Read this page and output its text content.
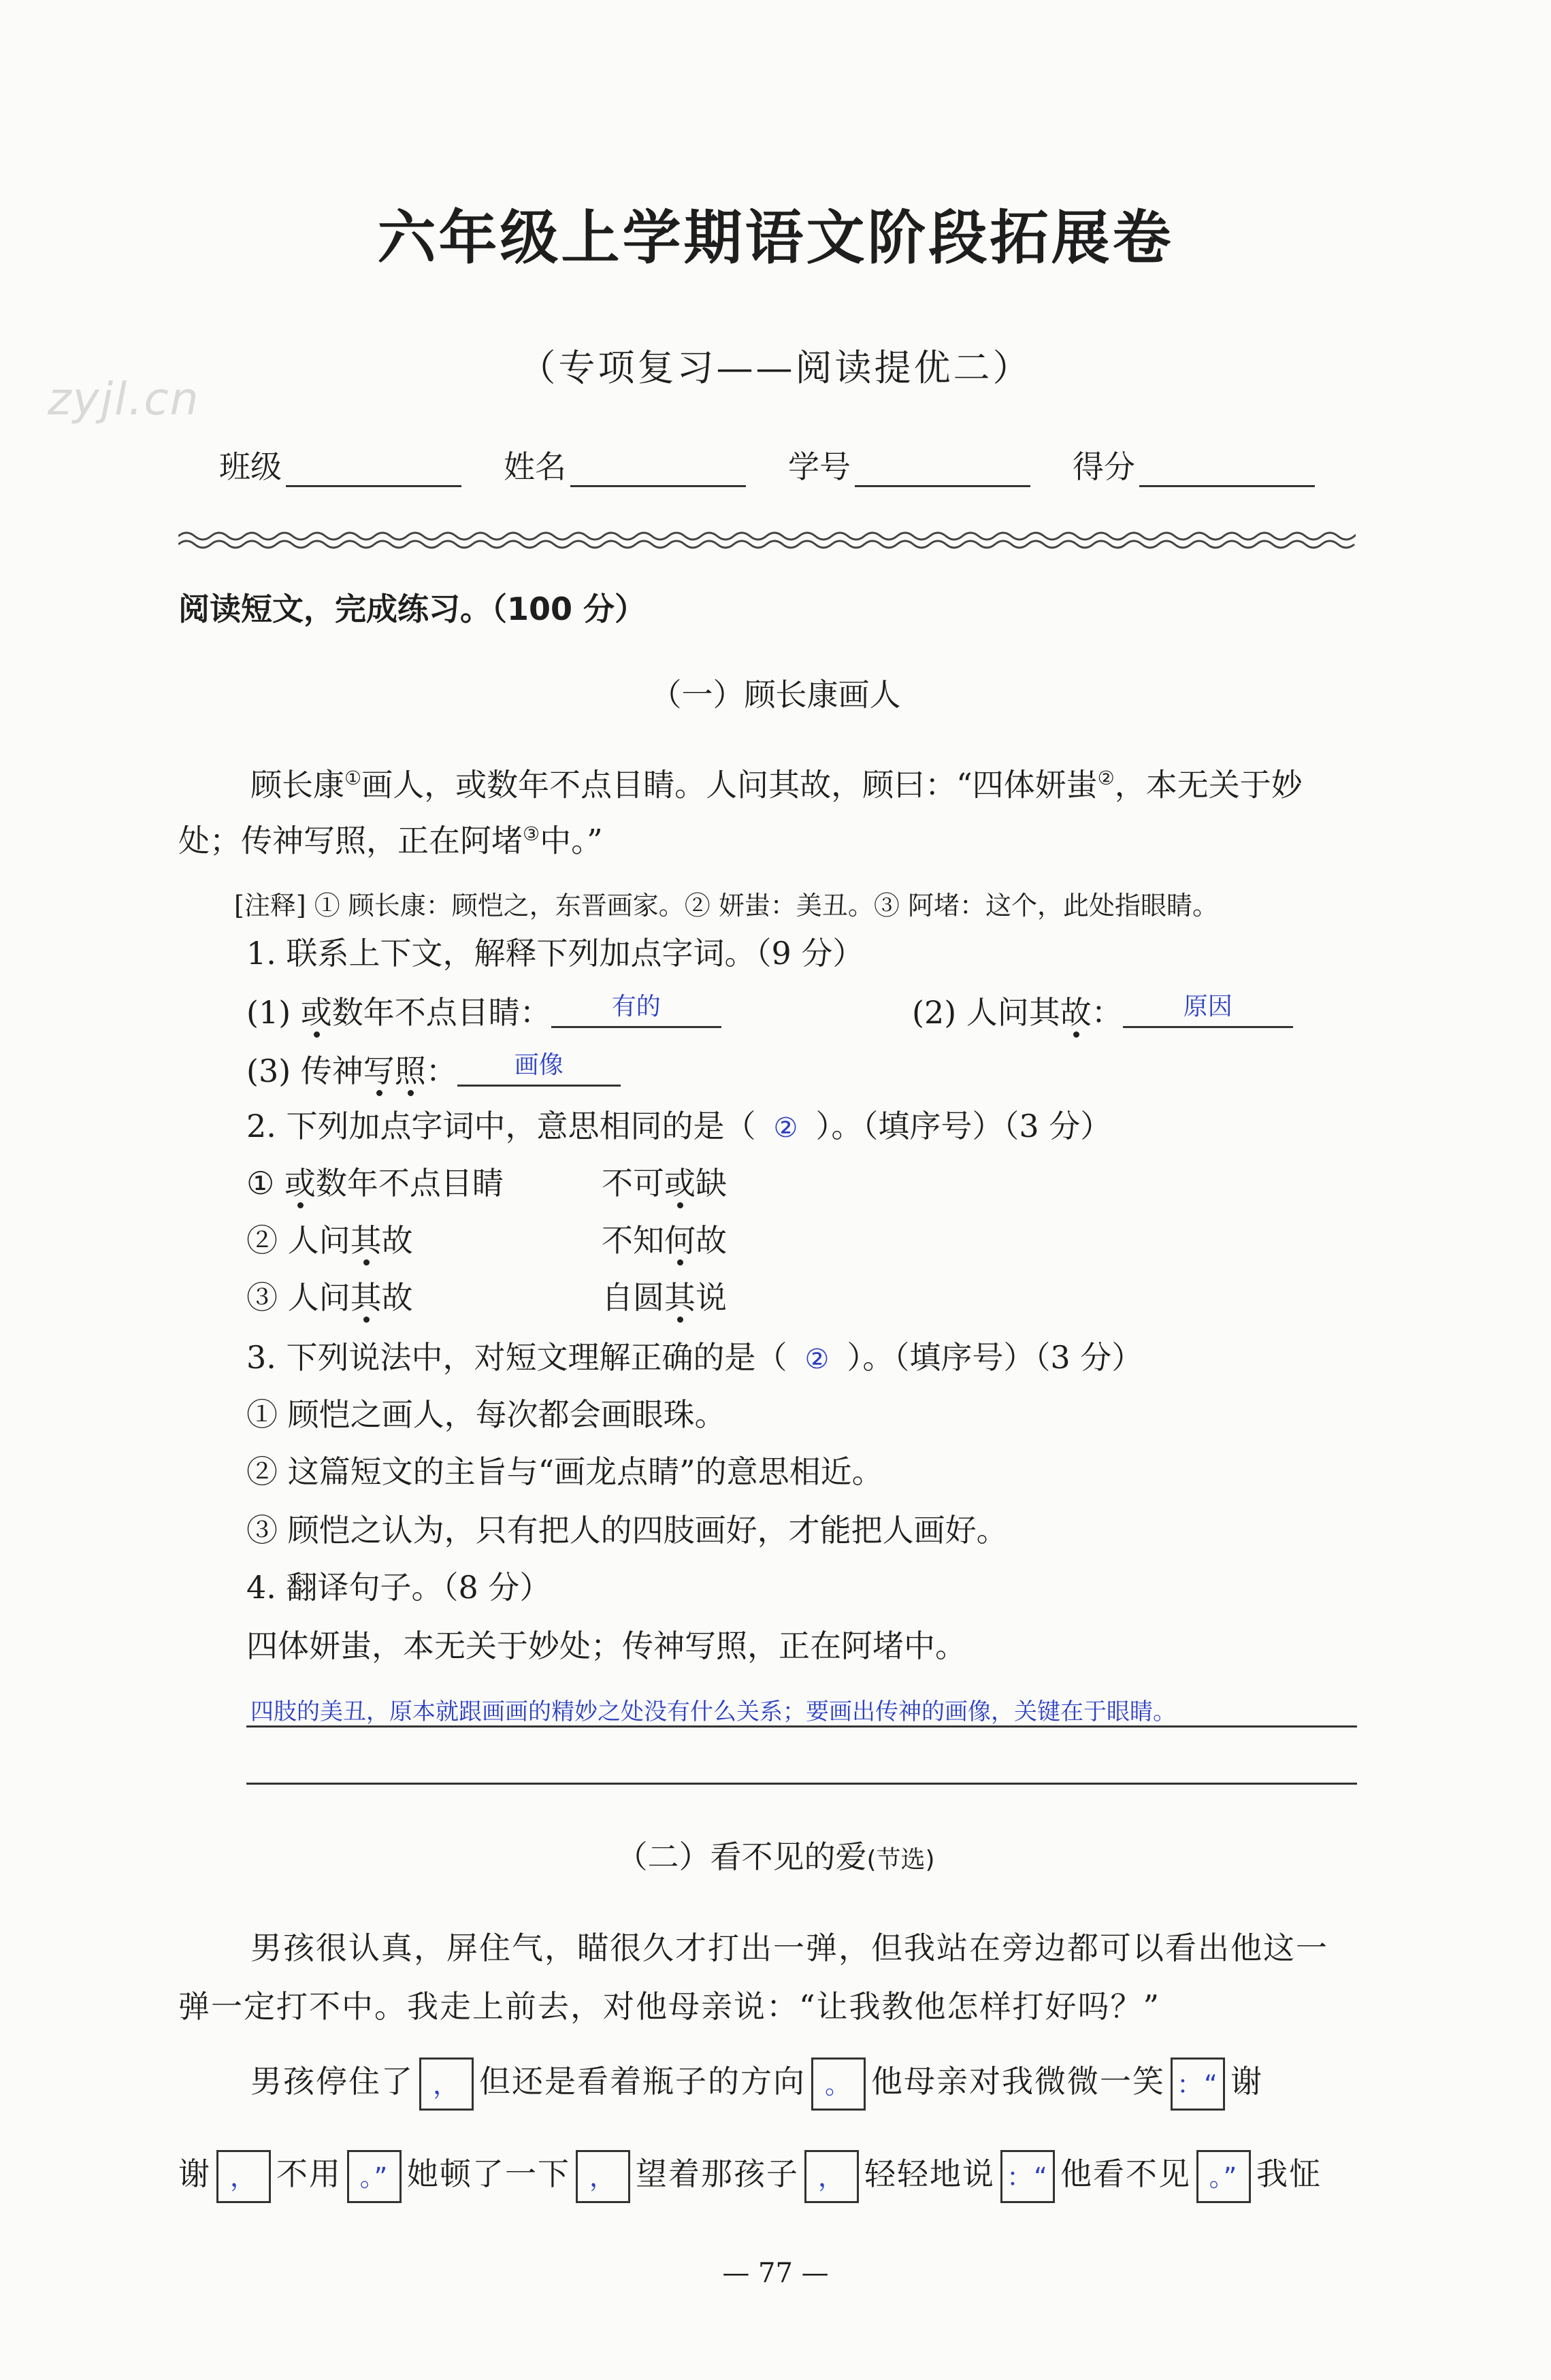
六年级上学期语文阶段拓展卷
（专项复习——阅读提优二）
zyjl.cn
班级	姓名	学号	得分
阅读短文，完成练习。（100 分）
（一）顾长康画人
顾长康①画人，或数年不点目睛。人问其故，顾曰：“四体妍蚩②，本无关于妙
处；传神写照，正在阿堵③中。”
[注释] ① 顾长康：顾恺之，东晋画家。② 妍蚩：美丑。③ 阿堵：这个，此处指眼睛。
1. 联系上下文，解释下列加点字词。（9 分）
(1) 或数年不点目睛：	有的	(2) 人问其故：	原因
(3) 传神写照：	画像
2. 下列加点字词中，意思相同的是（ ② ）。（填序号）（3 分）
① 或数年不点目睛	不可或缺
② 人问其故	不知何故
③ 人问其故	自圆其说
3. 下列说法中，对短文理解正确的是（ ② ）。（填序号）（3 分）
① 顾恺之画人，每次都会画眼珠。
② 这篇短文的主旨与“画龙点睛”的意思相近。
③ 顾恺之认为，只有把人的四肢画好，才能把人画好。
4. 翻译句子。（8 分）
四体妍蚩，本无关于妙处；传神写照，正在阿堵中。
四肢的美丑，原本就跟画画的精妙之处没有什么关系；要画出传神的画像，关键在于眼睛。
（二）看不见的爱(节选)
男孩很认真，屏住气，瞄很久才打出一弹，但我站在旁边都可以看出他这一
弹一定打不中。我走上前去，对他母亲说：“让我教他怎样打好吗？”
男孩停住了 ， 但还是看着瓶子的方向 。 他母亲对我微微一笑 ：“ 谢
谢 ， 不用 。” 她顿了一下 ， 望着那孩子 ， 轻轻地说 ：“ 他看不见 。” 我怔
— 77 —
